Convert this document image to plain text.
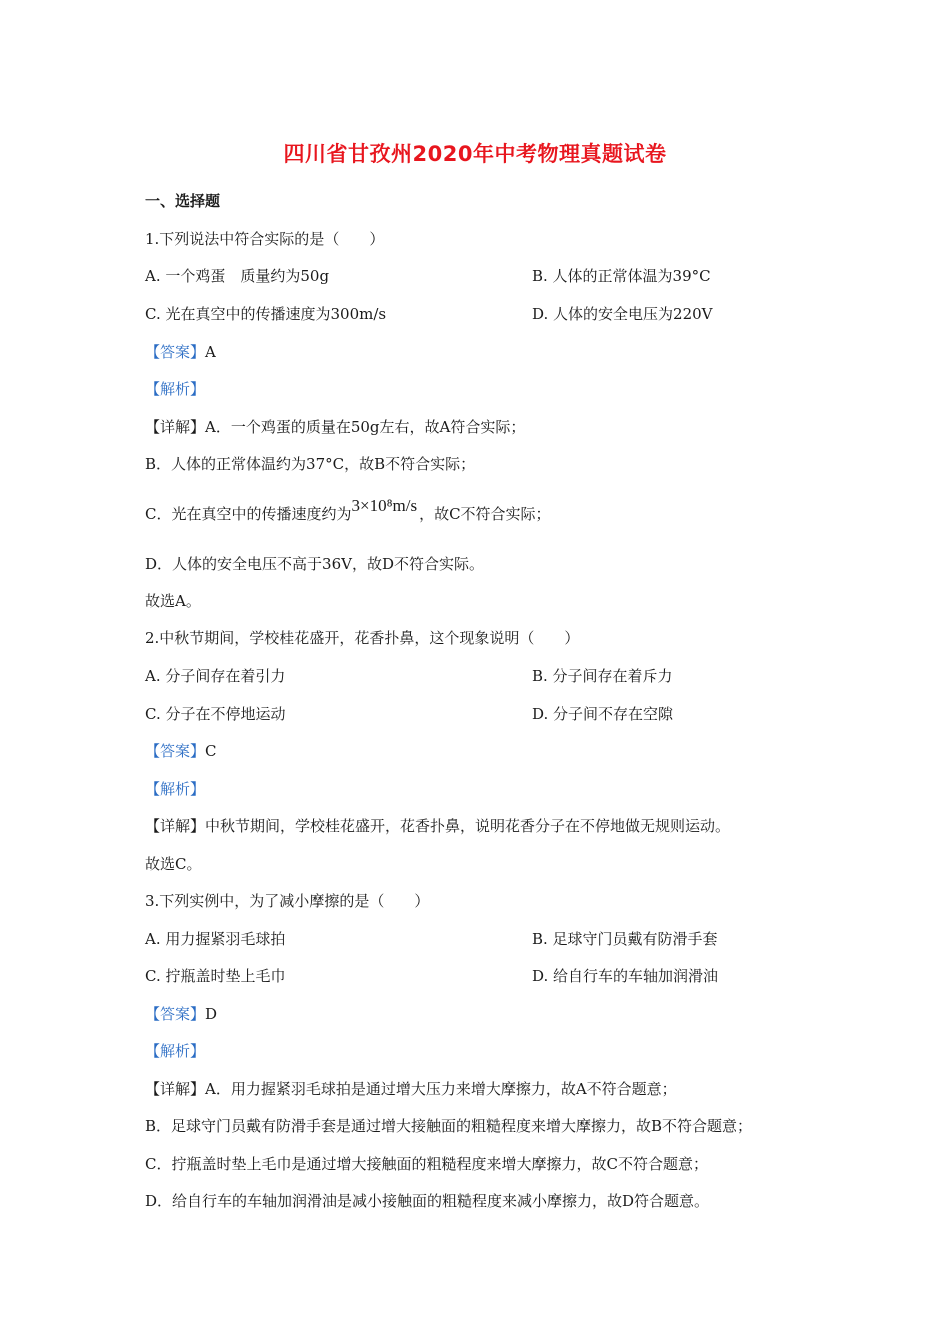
四川省甘孜州2020年中考物理真题试卷
一、选择题
1.下列说法中符合实际的是（　　）
A. 一个鸡蛋　质量约为50g	B. 人体的正常体温为39°C
C. 光在真空中的传播速度为300m/s	D. 人体的安全电压为220V
【答案】A
【解析】
【详解】A．一个鸡蛋的质量在50g左右，故A符合实际；
B．人体的正常体温约为37°C，故B不符合实际；
C．光在真空中的传播速度约为3×10⁸m/s ，故C不符合实际；
D．人体的安全电压不高于36V，故D不符合实际。
故选A。
2.中秋节期间，学校桂花盛开，花香扑鼻，这个现象说明（　　）
A. 分子间存在着引力	B. 分子间存在着斥力
C. 分子在不停地运动	D. 分子间不存在空隙
【答案】C
【解析】
【详解】中秋节期间，学校桂花盛开，花香扑鼻，说明花香分子在不停地做无规则运动。
故选C。
3.下列实例中，为了减小摩擦的是（　　）
A. 用力握紧羽毛球拍	B. 足球守门员戴有防滑手套
C. 拧瓶盖时垫上毛巾	D. 给自行车的车轴加润滑油
【答案】D
【解析】
【详解】A．用力握紧羽毛球拍是通过增大压力来增大摩擦力，故A不符合题意；
B．足球守门员戴有防滑手套是通过增大接触面的粗糙程度来增大摩擦力，故B不符合题意；
C．拧瓶盖时垫上毛巾是通过增大接触面的粗糙程度来增大摩擦力，故C不符合题意；
D．给自行车的车轴加润滑油是减小接触面的粗糙程度来减小摩擦力，故D符合题意。
